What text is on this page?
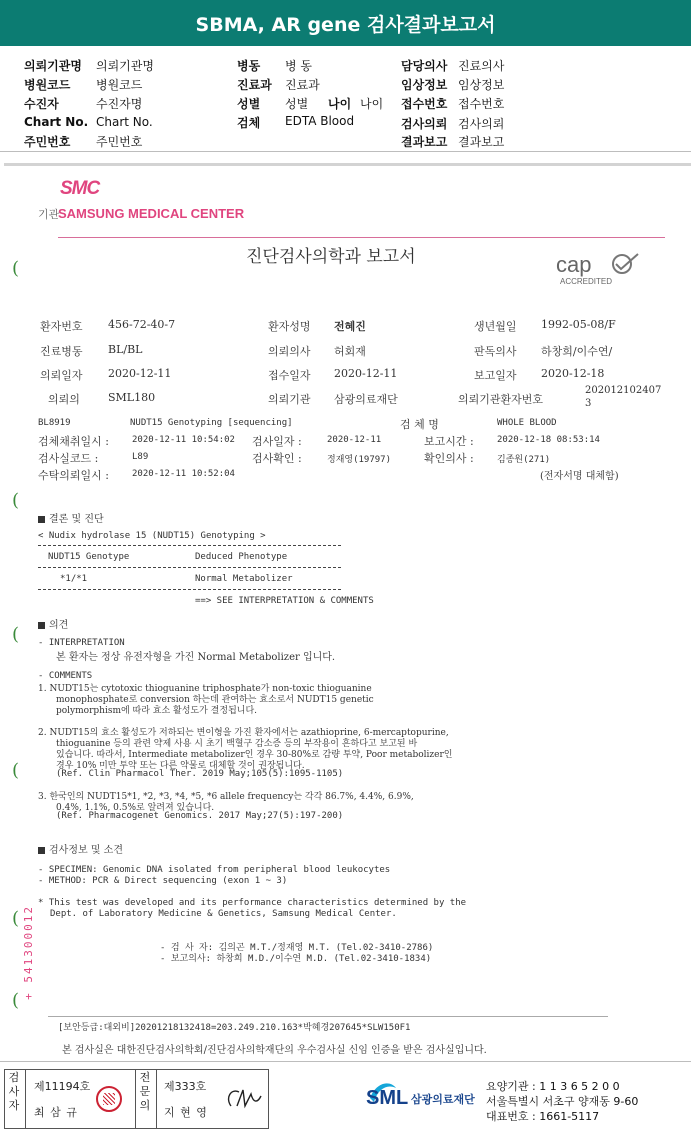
SBMA, AR gene 검사결과보고서
의뢰기관명 의뢰기관명
병원코드 병원코드
수진자	수진자명
Chart No. Chart No.
주민번호 주민번호
병동 병 동
진료과 진료과
성별 성별 나이 나이
검체 EDTA Blood
담당의사 진료의사
임상정보 임상정보
접수번호 접수번호
검사의뢰 검사의뢰
결과보고 결과보고
SMC
기관
SAMSUNG MEDICAL CENTER
진단검사의학과 보고서	cap
ACCREDITED
(
환자번호 456-72-40-7	환자성명 전혜진	생년월일 1992-05-08/F
진료병동 BL/BL	의뢰의사 허회재	판독의사 하창희/이수연/
의뢰일자 2020-12-11	접수일자 2020-12-11	보고일자 2020-12-18
의뢰의	SML180	의뢰기관 삼광의료재단	의뢰기관환자번호
202012102407
3
BL8919	NUDT15 Genotyping [sequencing]	검 체 명	WHOLE BLOOD
검체채취일시 :	2020-12-11 10:54:02 검사일자 :	2020-12-11	보고시간 :	2020-12-18 08:53:14
검사실코드 :	L89	검사확인 :	정재영(19797)	확인의사 :	김종원(271)
수탁의뢰일시 :	2020-12-11 10:52:04	(전자서명 대체함)
(
결론 및 진단
< Nudix hydrolase 15 (NUDT15) Genotyping >
NUDT15 Genotype	Deduced Phenotype
*1/*1	Normal Metabolizer
==> SEE INTERPRETATION & COMMENTS
의견
( - INTERPRETATION
본 환자는 정상 유전자형을 가진 Normal Metabolizer 입니다.
- COMMENTS
1. NUDT15는 cytotoxic thioguanine triphosphate가 non-toxic thioguanine
monophosphate로 conversion 하는데 관여하는 효소로서 NUDT15 genetic
polymorphism에 따라 효소 활성도가 결정됩니다.
2. NUDT15의 효소 활성도가 저하되는 변이형을 가진 환자에서는 azathioprine, 6-mercaptopurine,
thioguanine 등의 관련 약제 사용 시 초기 백혈구 감소증 등의 부작용이 흔하다고 보고된 바
있습니다. 따라서, Intermediate metabolizer인 경우 30-80%로 감량 투약, Poor metabolizer인
경우 10% 미만 투약 또는 다른 약물로 대체할 것이 권장됩니다.
(Ref. Clin Pharmacol Ther. 2019 May;105(5):1095-1105)
(
3. 한국인의 NUDT15*1, *2, *3, *4, *5, *6 allele frequency는 각각 86.7%, 4.4%, 6.9%,
0.4%, 1.1%, 0.5%로 알려져 있습니다.
(Ref. Pharmacogenet Genomics. 2017 May;27(5):197-200)
검사정보 및 소견
- SPECIMEN: Genomic DNA isolated from peripheral blood leukocytes
- METHOD: PCR & Direct sequencing (exon 1 ~ 3)
* This test was developed and its performance characteristics determined by the
Dept. of Laboratory Medicine & Genetics, Samsung Medical Center.
(
- 검 사 자: 김의곤 M.T./정재영 M.T. (Tel.02-3410-2786)
- 보고의사: 하창희 M.D./이수연 M.D. (Tel.02-3410-1834)
+ 541300012
(
[보안등급:대외비]20201218132418=203.249.210.163*박혜경207645*SLW150F1
본 검사실은 대한진단검사의학회/진단검사의학재단의 우수검사실 신임 인증을 받은 검사실입니다.
검사자
제11194호
최 삼 규
전문의
제333호
지 현 영
SML 삼광의료재단
요양기관 : 1 1 3 6 5 2 0 0
서울특별시 서초구 양재동 9-60
대표번호 : 1661-5117
